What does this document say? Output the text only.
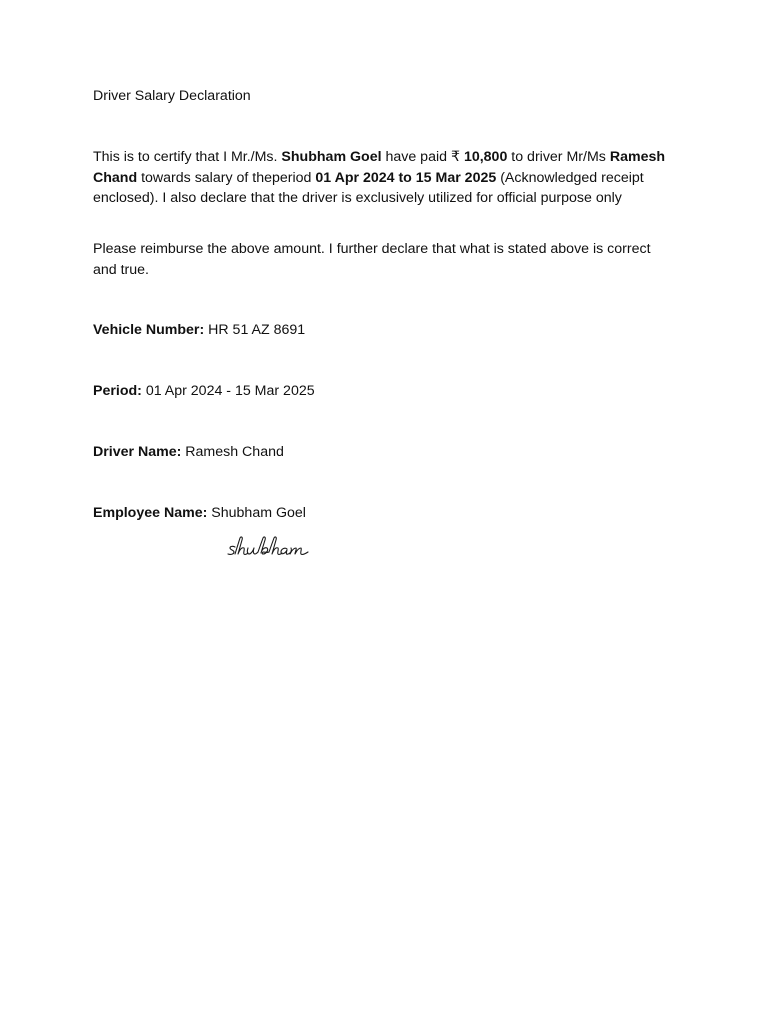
Driver Salary Declaration

This is to certify that I Mr./Ms. Shubham Goel have paid ₹ 10,800 to driver Mr/Ms Ramesh Chand towards salary of theperiod 01 Apr 2024 to 15 Mar 2025 (Acknowledged receipt enclosed). I also declare that the driver is exclusively utilized for official purpose only

Please reimburse the above amount. I further declare that what is stated above is correct and true.

Vehicle Number: HR 51 AZ 8691

Period: 01 Apr 2024 - 15 Mar 2025

Driver Name: Ramesh Chand

Employee Name: Shubham Goel
